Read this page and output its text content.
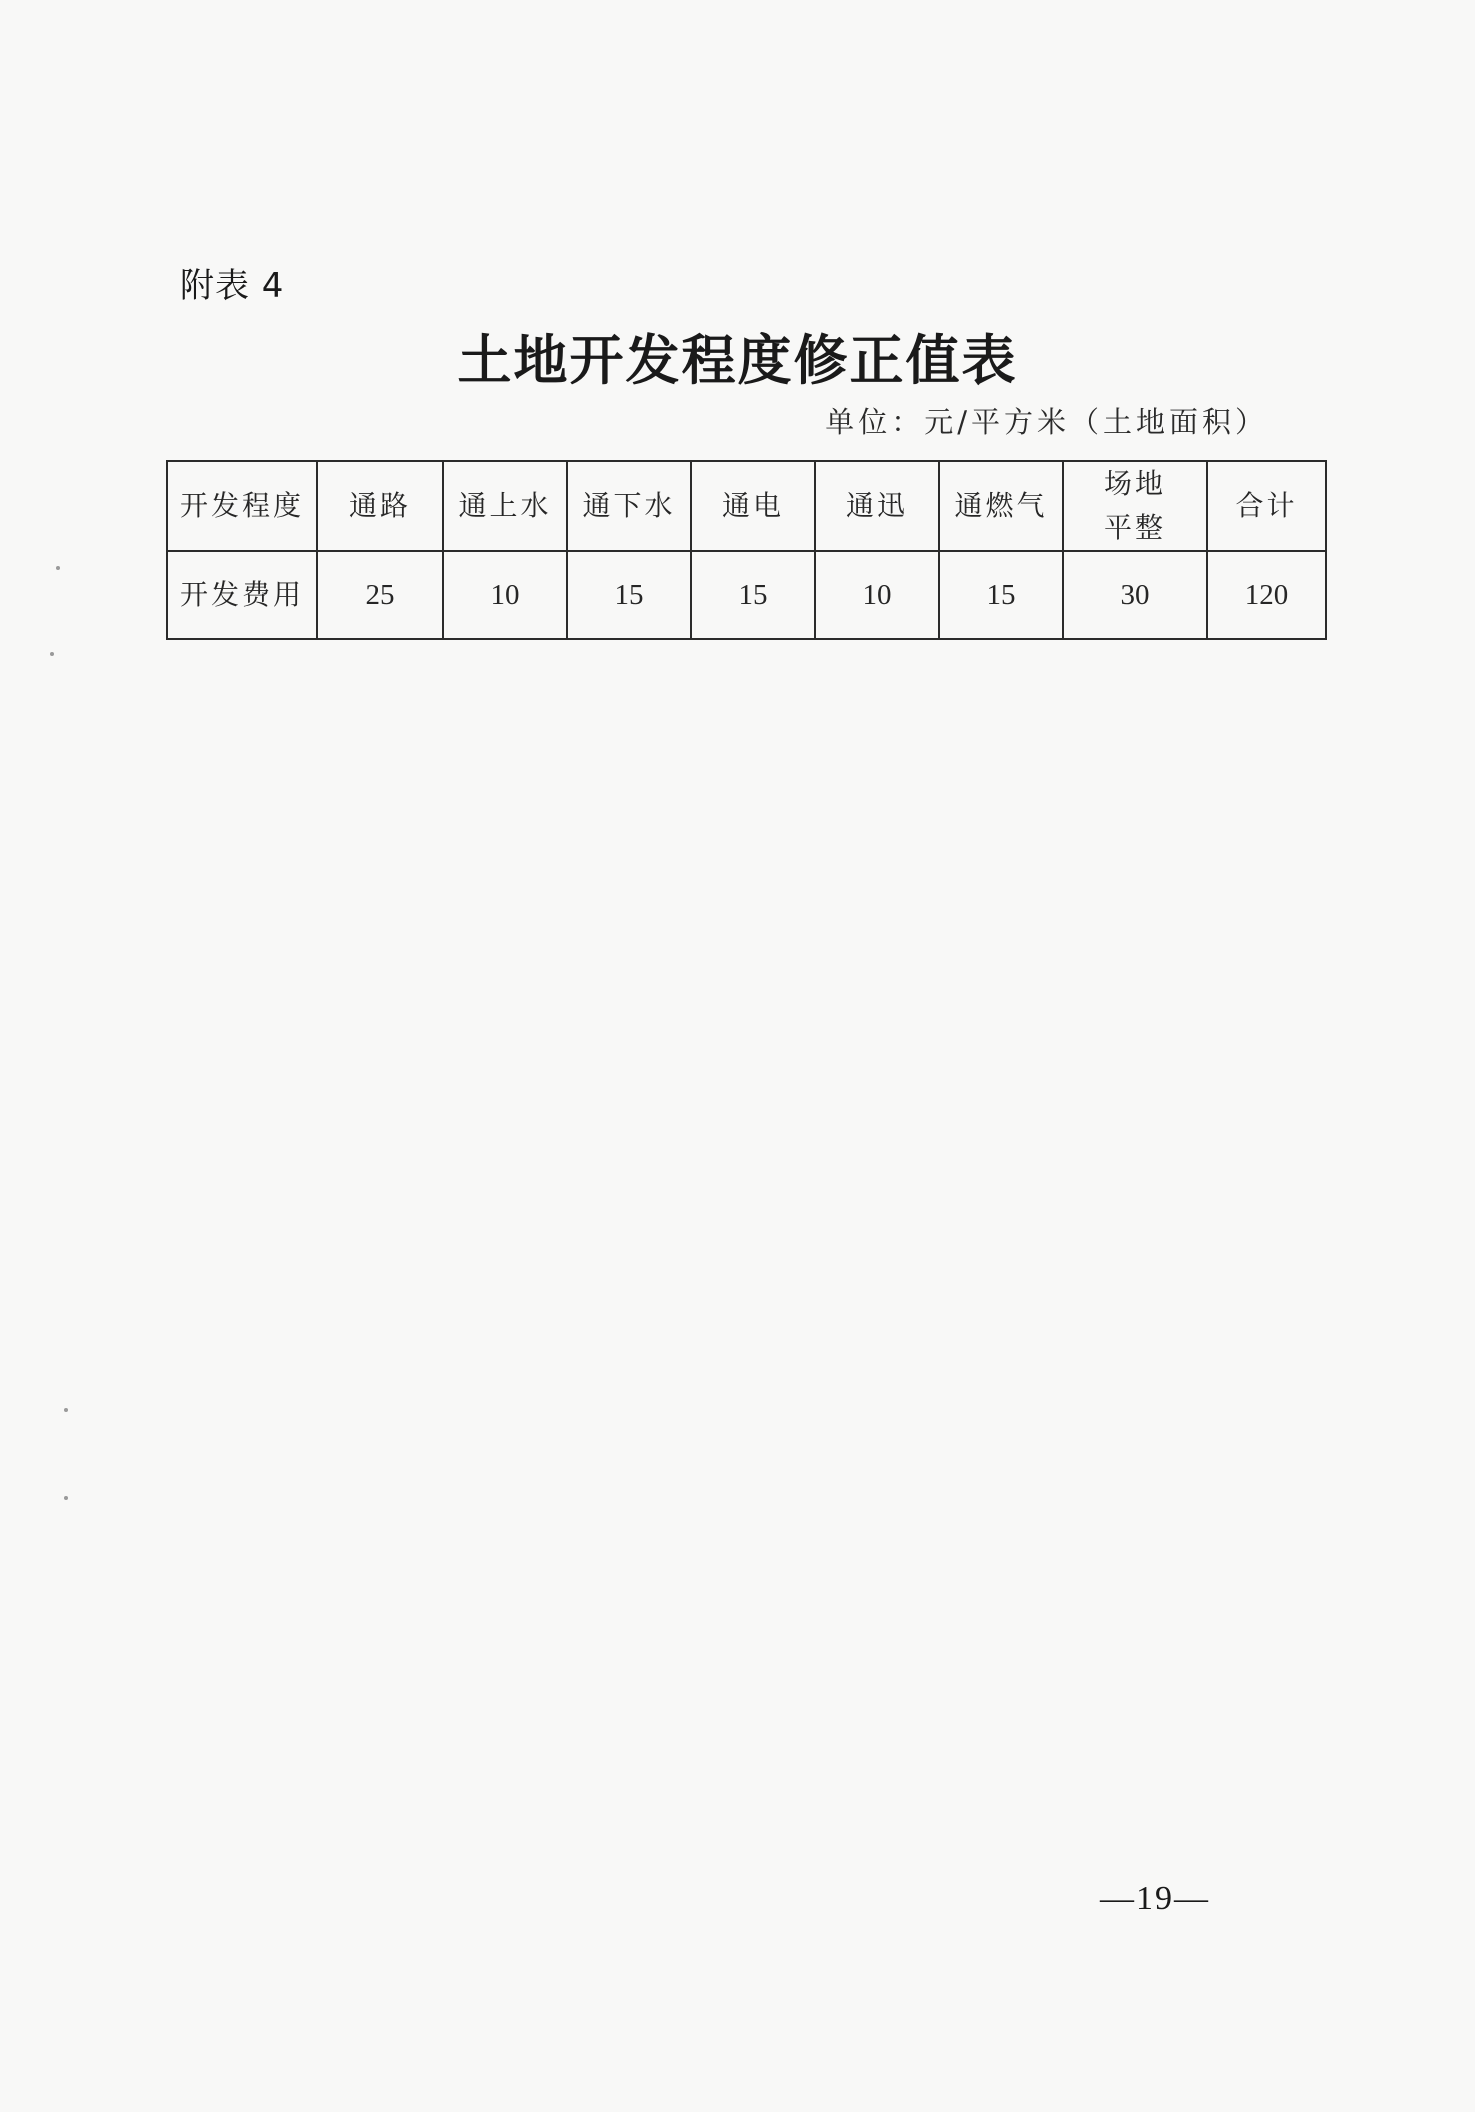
附表 4
土地开发程度修正值表
单位：元/平方米（土地面积）
开发程度	通路	通上水	通下水	通电	通迅	通燃气	场地平整	合计
开发费用	25	10	15	15	10	15	30	120
—19—
